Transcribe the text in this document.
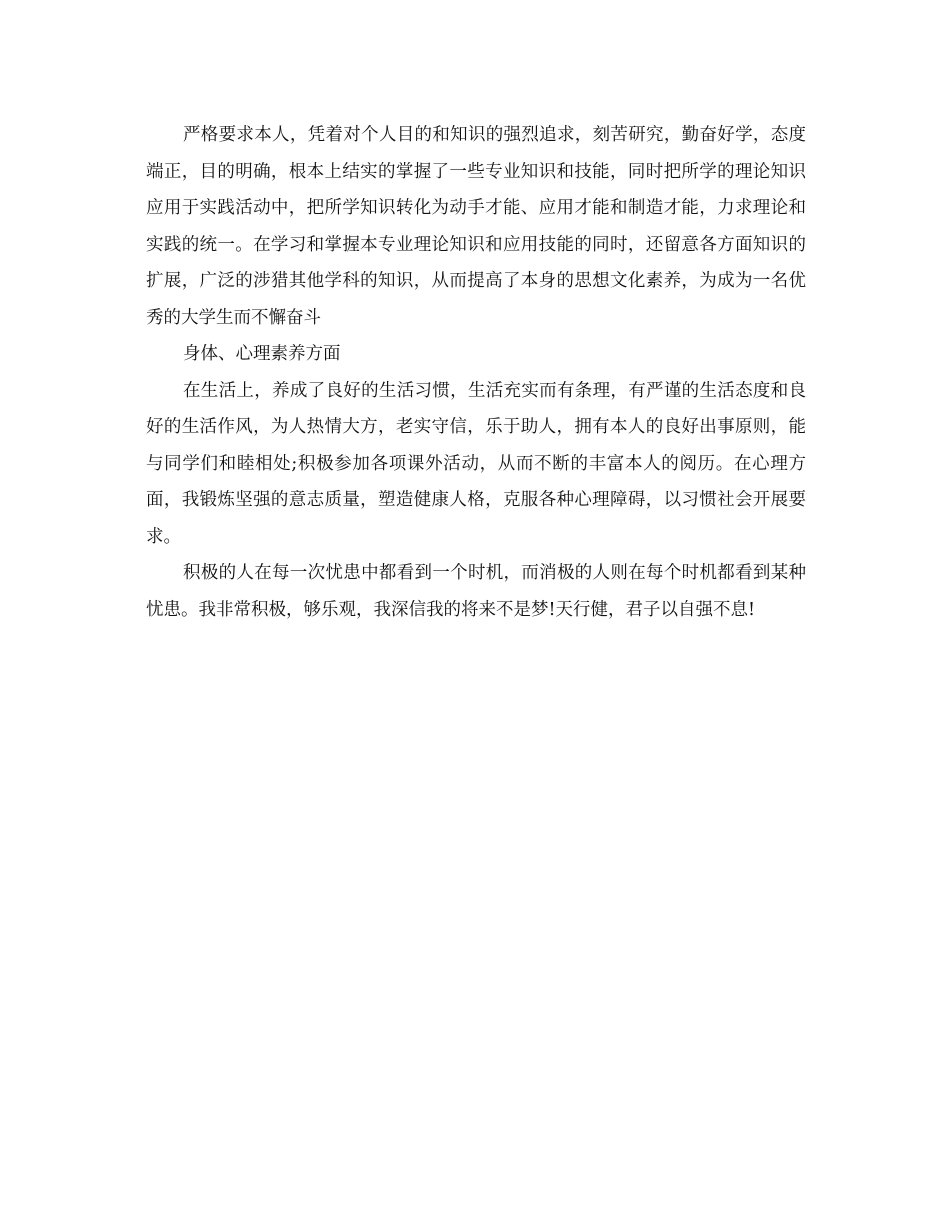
严格要求本人，凭着对个人目的和知识的强烈追求，刻苦研究，勤奋好学，态度端正，目的明确，根本上结实的掌握了一些专业知识和技能，同时把所学的理论知识应用于实践活动中，把所学知识转化为动手才能、应用才能和制造才能，力求理论和实践的统一。在学习和掌握本专业理论知识和应用技能的同时，还留意各方面知识的扩展，广泛的涉猎其他学科的知识，从而提高了本身的思想文化素养，为成为一名优秀的大学生而不懈奋斗

身体、心理素养方面

在生活上，养成了良好的生活习惯，生活充实而有条理，有严谨的生活态度和良好的生活作风，为人热情大方，老实守信，乐于助人，拥有本人的良好出事原则，能与同学们和睦相处;积极参加各项课外活动，从而不断的丰富本人的阅历。在心理方面，我锻炼坚强的意志质量，塑造健康人格，克服各种心理障碍，以习惯社会开展要求。

积极的人在每一次忧患中都看到一个时机，而消极的人则在每个时机都看到某种忧患。我非常积极，够乐观，我深信我的将来不是梦!天行健，君子以自强不息!
